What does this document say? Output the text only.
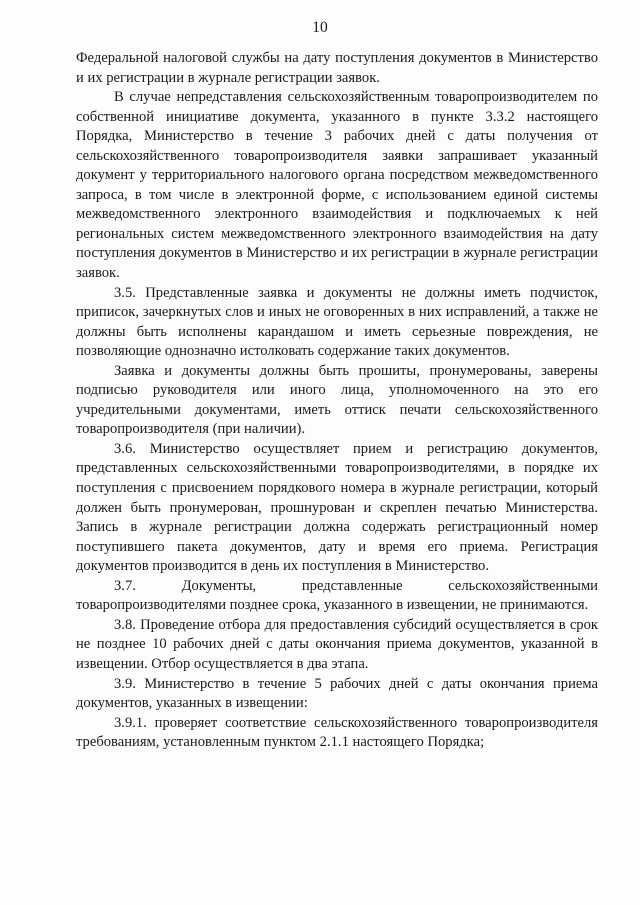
10

Федеральной налоговой службы на дату поступления документов в Министерство и их регистрации в журнале регистрации заявок.

В случае непредставления сельскохозяйственным товаропроизводителем по собственной инициативе документа, указанного в пункте 3.3.2 настоящего Порядка, Министерство в течение 3 рабочих дней с даты получения от сельскохозяйственного товаропроизводителя заявки запрашивает указанный документ у территориального налогового органа посредством межведомственного запроса, в том числе в электронной форме, с использованием единой системы межведомственного электронного взаимодействия и подключаемых к ней региональных систем межведомственного электронного взаимодействия на дату поступления документов в Министерство и их регистрации в журнале регистрации заявок.

3.5. Представленные заявка и документы не должны иметь подчисток, приписок, зачеркнутых слов и иных не оговоренных в них исправлений, а также не должны быть исполнены карандашом и иметь серьезные повреждения, не позволяющие однозначно истолковать содержание таких документов.

Заявка и документы должны быть прошиты, пронумерованы, заверены подписью руководителя или иного лица, уполномоченного на это его учредительными документами, иметь оттиск печати сельскохозяйственного товаропроизводителя (при наличии).

3.6. Министерство осуществляет прием и регистрацию документов, представленных сельскохозяйственными товаропроизводителями, в порядке их поступления с присвоением порядкового номера в журнале регистрации, который должен быть пронумерован, прошнурован и скреплен печатью Министерства. Запись в журнале регистрации должна содержать регистрационный номер поступившего пакета документов, дату и время его приема. Регистрация документов производится в день их поступления в Министерство.

3.7. Документы, представленные сельскохозяйственными товаропроизводителями позднее срока, указанного в извещении, не принимаются.

3.8. Проведение отбора для предоставления субсидий осуществляется в срок не позднее 10 рабочих дней с даты окончания приема документов, указанной в извещении. Отбор осуществляется в два этапа.

3.9. Министерство в течение 5 рабочих дней с даты окончания приема документов, указанных в извещении:

3.9.1. проверяет соответствие сельскохозяйственного товаропроизводителя требованиям, установленным пунктом 2.1.1 настоящего Порядка;
